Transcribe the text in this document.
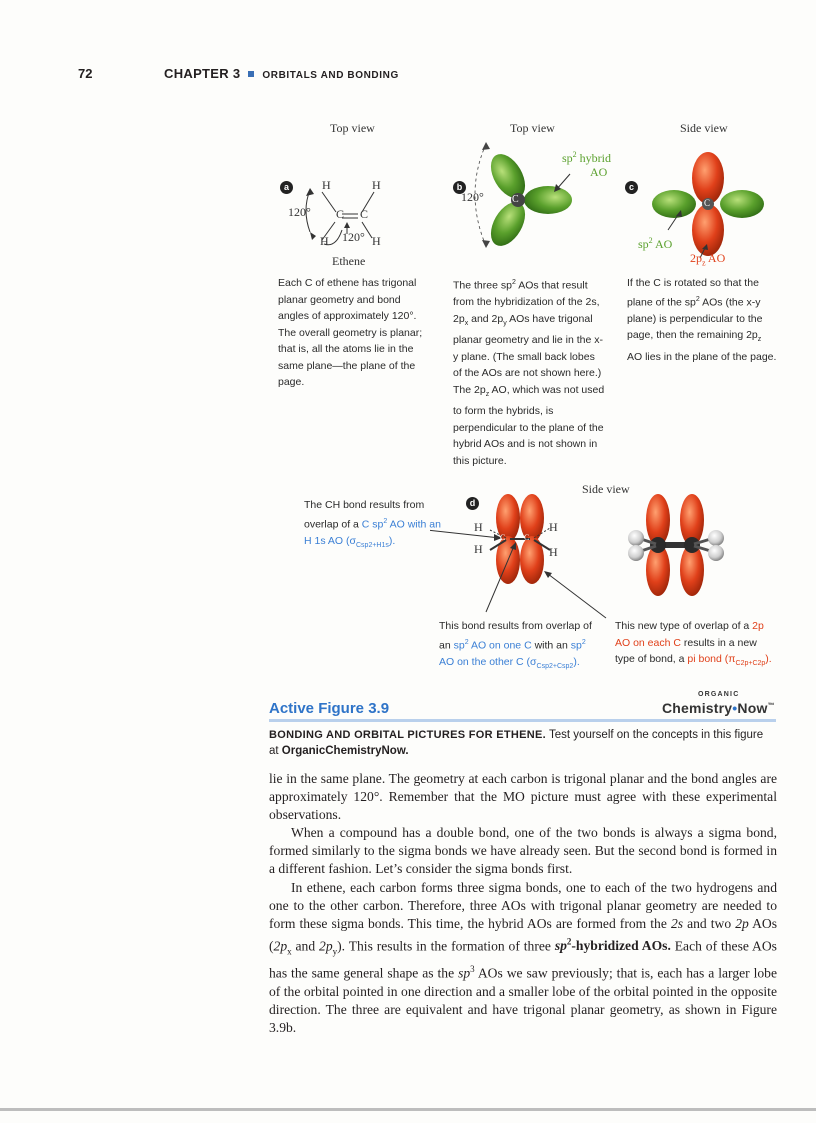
72	CHAPTER 3 ORBITALS AND BONDING
Top view
a	H	H
C C
120°
H 120° H
Ethene
Each C of ethene has trigonal planar geometry and bond angles of approximately 120°. The overall geometry is planar; that is, all the atoms lie in the same plane—the plane of the page.
Top view
b
C
120°
$sp^2$ hybrid
AO
The three $sp^2$ AOs that result from the hybridization of the 2s, $2p_x$ and $2p_y$ AOs have trigonal planar geometry and lie in the x-y plane. (The small back lobes of the AOs are not shown here.) The $2p_z$ AO, which was not used to form the hybrids, is perpendicular to the plane of the hybrid AOs and is not shown in this picture.
Side view
c
C
$sp^2$ AO
$2p_z$ AO
If the C is rotated so that the plane of the $sp^2$ AOs (the x-y plane) is perpendicular to the page, then the remaining $2p_z$ AO lies in the plane of the page.
d
Side view
The CH bond results from overlap of a C $sp^2$ AO with an H 1s AO $(\sigma_{Csp2+H1s})$.
H
H
C C
H
H
This bond results from overlap of an $sp^2$ AO on one C with an $sp^2$ AO on the other C $(\sigma_{Csp2+Csp2})$.
This new type of overlap of a 2p AO on each C results in a new type of bond, a pi bond $(\pi_{C2p+C2p})$.
Active Figure 3.9
ORGANIC
Chemistry•Now™
BONDING AND ORBITAL PICTURES FOR ETHENE. Test yourself on the concepts in this figure at OrganicChemistryNow.

lie in the same plane. The geometry at each carbon is trigonal planar and the bond angles are approximately 120°. Remember that the MO picture must agree with these experimental observations.

When a compound has a double bond, one of the two bonds is always a sigma bond, formed similarly to the sigma bonds we have already seen. But the second bond is formed in a different fashion. Let’s consider the sigma bonds first.

In ethene, each carbon forms three sigma bonds, one to each of the two hydrogens and one to the other carbon. Therefore, three AOs with trigonal planar geometry are needed to form these sigma bonds. This time, the hybrid AOs are formed from the 2s and two 2p AOs ($2p_x$ and $2p_y$). This results in the formation of three $sp^2$-hybridized AOs. Each of these AOs has the same general shape as the $sp^3$ AOs we saw previously; that is, each has a larger lobe of the orbital pointed in one direction and a smaller lobe of the orbital pointed in the opposite direction. The three are equivalent and have trigonal planar geometry, as shown in Figure 3.9b.
